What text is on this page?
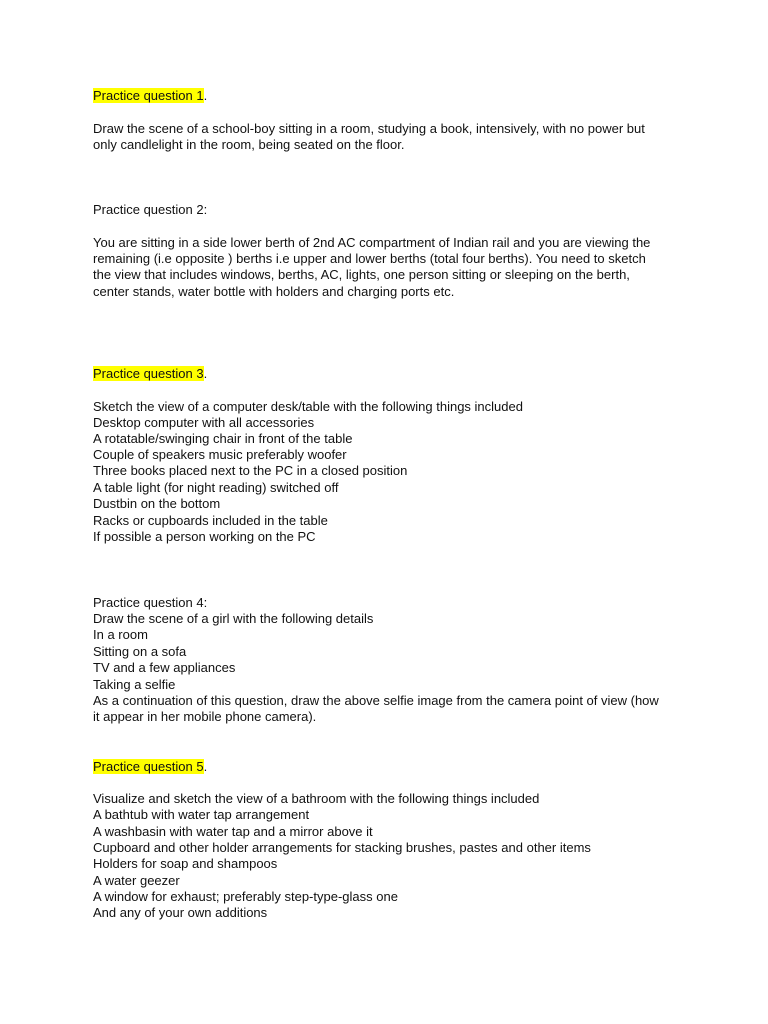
Practice question 1.
Draw the scene of a school-boy sitting in a room, studying a book, intensively, with no power but
only candlelight in the room, being seated on the floor.
Practice question 2:
You are sitting in a side lower berth of 2nd AC compartment of Indian rail and you are viewing the
remaining (i.e opposite ) berths i.e upper and lower berths (total four berths). You need to sketch
the view that includes windows, berths, AC, lights, one person sitting or sleeping on the berth,
center stands, water bottle with holders and charging ports etc.
Practice question 3.
Sketch the view of a computer desk/table with the following things included
Desktop computer with all accessories
A rotatable/swinging chair in front of the table
Couple of speakers music preferably woofer
Three books placed next to the PC in a closed position
A table light (for night reading) switched off
Dustbin on the bottom
Racks or cupboards included in the table
If possible a person working on the PC
Practice question 4:
Draw the scene of a girl with the following details
In a room
Sitting on a sofa
TV and a few appliances
Taking a selfie
As a continuation of this question, draw the above selfie image from the camera point of view (how
it appear in her mobile phone camera).
Practice question 5.
Visualize and sketch the view of a bathroom with the following things included
A bathtub with water tap arrangement
A washbasin with water tap and a mirror above it
Cupboard and other holder arrangements for stacking brushes, pastes and other items
Holders for soap and shampoos
A water geezer
A window for exhaust; preferably step-type-glass one
And any of your own additions
